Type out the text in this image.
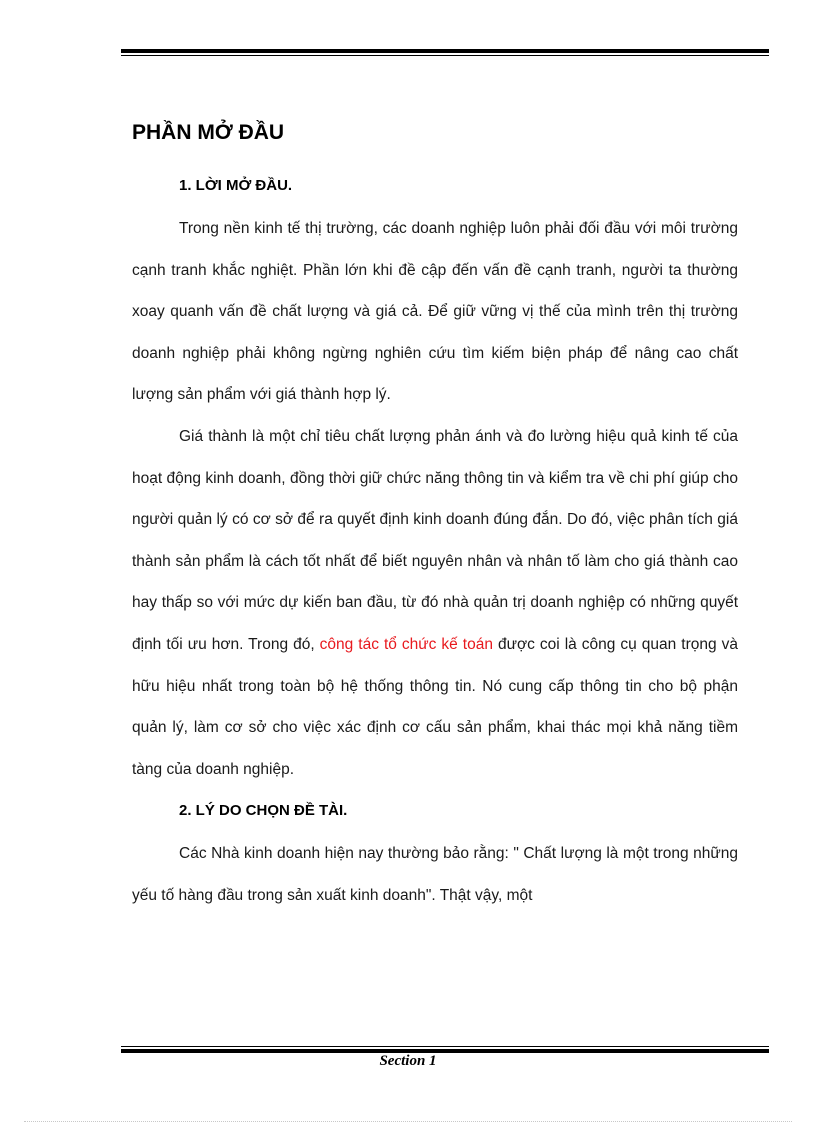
PHẦN MỞ ĐẦU
1. LỜI MỞ ĐẦU.

Trong nền kinh tế thị trường, các doanh nghiệp luôn phải đối đầu với môi trường cạnh tranh khắc nghiệt. Phần lớn khi đề cập đến vấn đề cạnh tranh, người ta thường xoay quanh vấn đề chất lượng và giá cả. Để giữ vững vị thế của mình trên thị trường doanh nghiệp phải không ngừng nghiên cứu tìm kiếm biện pháp để nâng cao chất lượng sản phẩm với giá thành hợp lý.

Giá thành là một chỉ tiêu chất lượng phản ánh và đo lường hiệu quả kinh tế của hoạt động kinh doanh, đồng thời giữ chức năng thông tin và kiểm tra về chi phí giúp cho người quản lý có cơ sở để ra quyết định kinh doanh đúng đắn. Do đó, việc phân tích giá thành sản phẩm là cách tốt nhất để biết nguyên nhân và nhân tố làm cho giá thành cao hay thấp so với mức dự kiến ban đầu, từ đó nhà quản trị doanh nghiệp có những quyết định tối ưu hơn. Trong đó, công tác tổ chức kế toán được coi là công cụ quan trọng và hữu hiệu nhất trong toàn bộ hệ thống thông tin. Nó cung cấp thông tin cho bộ phận quản lý, làm cơ sở cho việc xác định cơ cấu sản phẩm, khai thác mọi khả năng tiềm tàng của doanh nghiệp.

2. LÝ DO CHỌN ĐỀ TÀI.

Các Nhà kinh doanh hiện nay thường bảo rằng: " Chất lượng là một trong những yếu tố hàng đầu trong sản xuất kinh doanh". Thật vậy, một

Section 1
